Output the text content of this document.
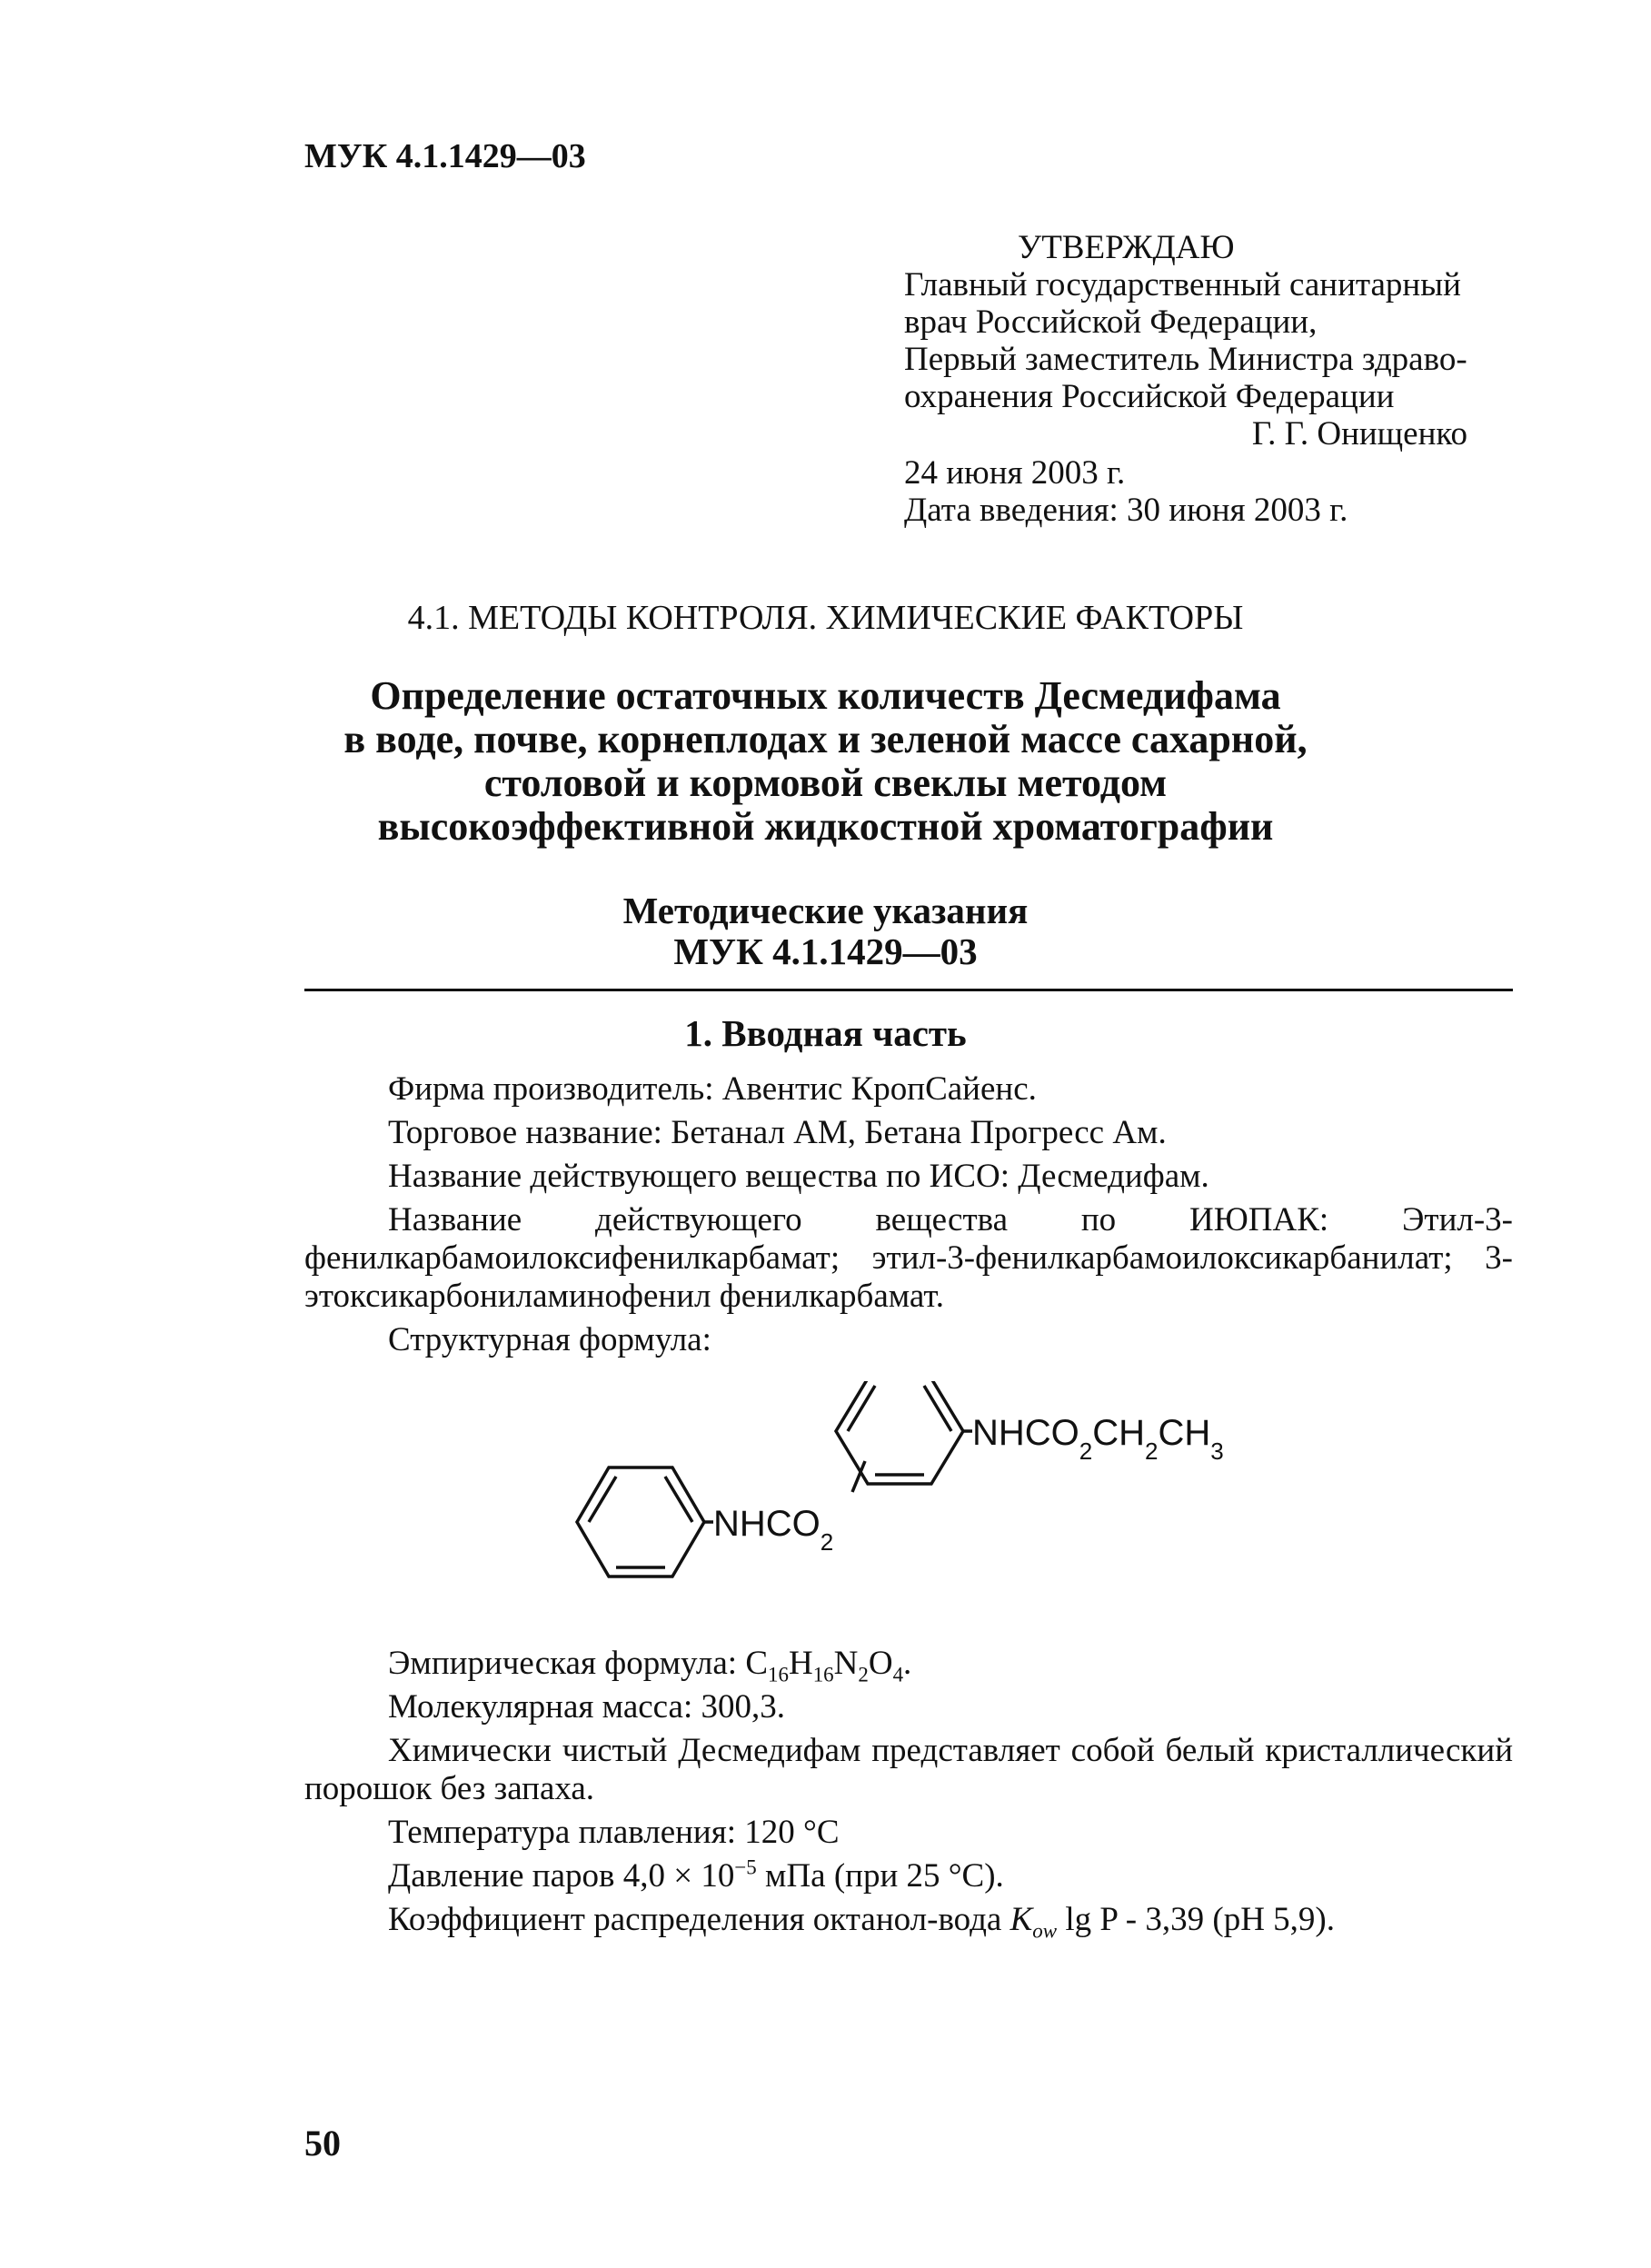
МУК 4.1.1429—03
УТВЕРЖДАЮ
Главный государственный санитарный
врач Российской Федерации,
Первый заместитель Министра здраво-
охранения Российской Федерации
Г. Г. Онищенко
24 июня 2003 г.
Дата введения: 30 июня 2003 г.
4.1. МЕТОДЫ КОНТРОЛЯ. ХИМИЧЕСКИЕ ФАКТОРЫ
Определение остаточных количеств Десмедифама
в воде, почве, корнеплодах и зеленой массе сахарной,
столовой и кормовой свеклы методом
высокоэффективной жидкостной хроматографии
Методические указания
МУК 4.1.1429—03
1. Вводная часть

Фирма производитель: Авентис КропСайенс.

Торговое название: Бетанал АМ, Бетана Прогресс Ам.

Название действующего вещества по ИСО: Десмедифам.

Название действующего вещества по ИЮПАК: Этил-3-фенилкарбамоилоксифенилкарбамат; этил-3-фенилкарбамоилоксикарбанилат; 3-этоксикарбониламинофенил фенилкарбамат.

Структурная формула:

$NHCO_2$
$NHCO_2CH_2CH_3$

Эмпирическая формула: $C_{16}H_{16}N_2O_4$.

Молекулярная масса: 300,3.

Химически чистый Десмедифам представляет собой белый кристаллический порошок без запаха.

Температура плавления: 120 °С

Давление паров $4,0 \times 10^{-5}$ мПа (при 25 °С).

Коэффициент распределения октанол-вода $K_{ow}$ lg P - 3,39 (рН 5,9).

50
